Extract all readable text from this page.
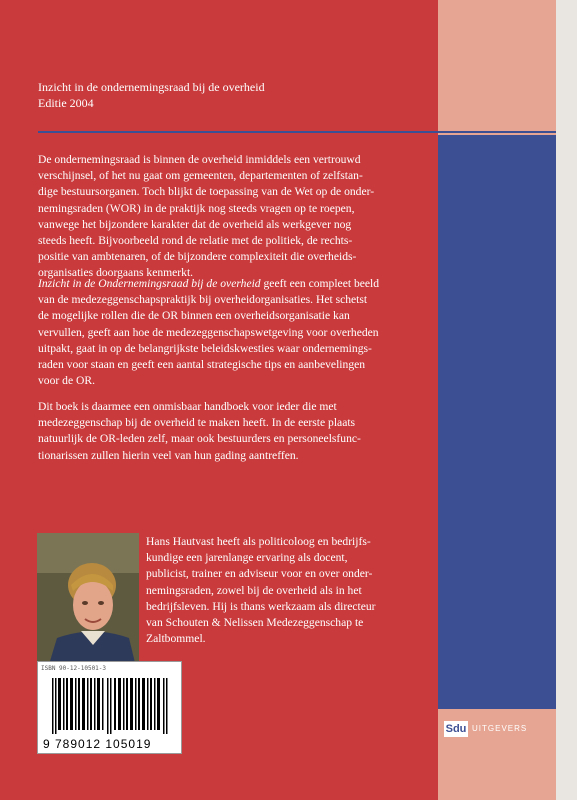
Inzicht in de ondernemingsraad bij de overheid
Editie 2004
De ondernemingsraad is binnen de overheid inmiddels een vertrouwd
verschijnsel, of het nu gaat om gemeenten, departementen of zelfstan-
dige bestuursorganen. Toch blijkt de toepassing van de Wet op de onder-
nemingsraden (WOR) in de praktijk nog steeds vragen op te roepen,
vanwege het bijzondere karakter dat de overheid als werkgever nog
steeds heeft. Bijvoorbeeld rond de relatie met de politiek, de rechts-
positie van ambtenaren, of de bijzondere complexiteit die overheids-
organisaties doorgaans kenmerkt.
Inzicht in de Ondernemingsraad bij de overheid geeft een compleet beeld
van de medezeggenschapspraktijk bij overheidorganisaties. Het schetst
de mogelijke rollen die de OR binnen een overheidsorganisatie kan
vervullen, geeft aan hoe de medezeggenschapswetgeving voor overheden
uitpakt, gaat in op de belangrijkste beleidskwesties waar ondernemings-
raden voor staan en geeft een aantal strategische tips en aanbevelingen
voor de OR.
Dit boek is daarmee een onmisbaar handboek voor ieder die met
medezeggenschap bij de overheid te maken heeft. In de eerste plaats
natuurlijk de OR-leden zelf, maar ook bestuurders en personeelsfunc-
tionarissen zullen hierin veel van hun gading aantreffen.
Hans Hautvast heeft als politicoloog en bedrijfs-
kundige een jarenlange ervaring als docent,
publicist, trainer en adviseur voor en over onder-
nemingsraden, zowel bij de overheid als in het
bedrijfsleven. Hij is thans werkzaam als directeur
van Schouten & Nelissen Medezeggenschap te
Zaltbommel.
ISBN 90-12-10501-3
9 789012 105019
Sdu UITGEVERS
